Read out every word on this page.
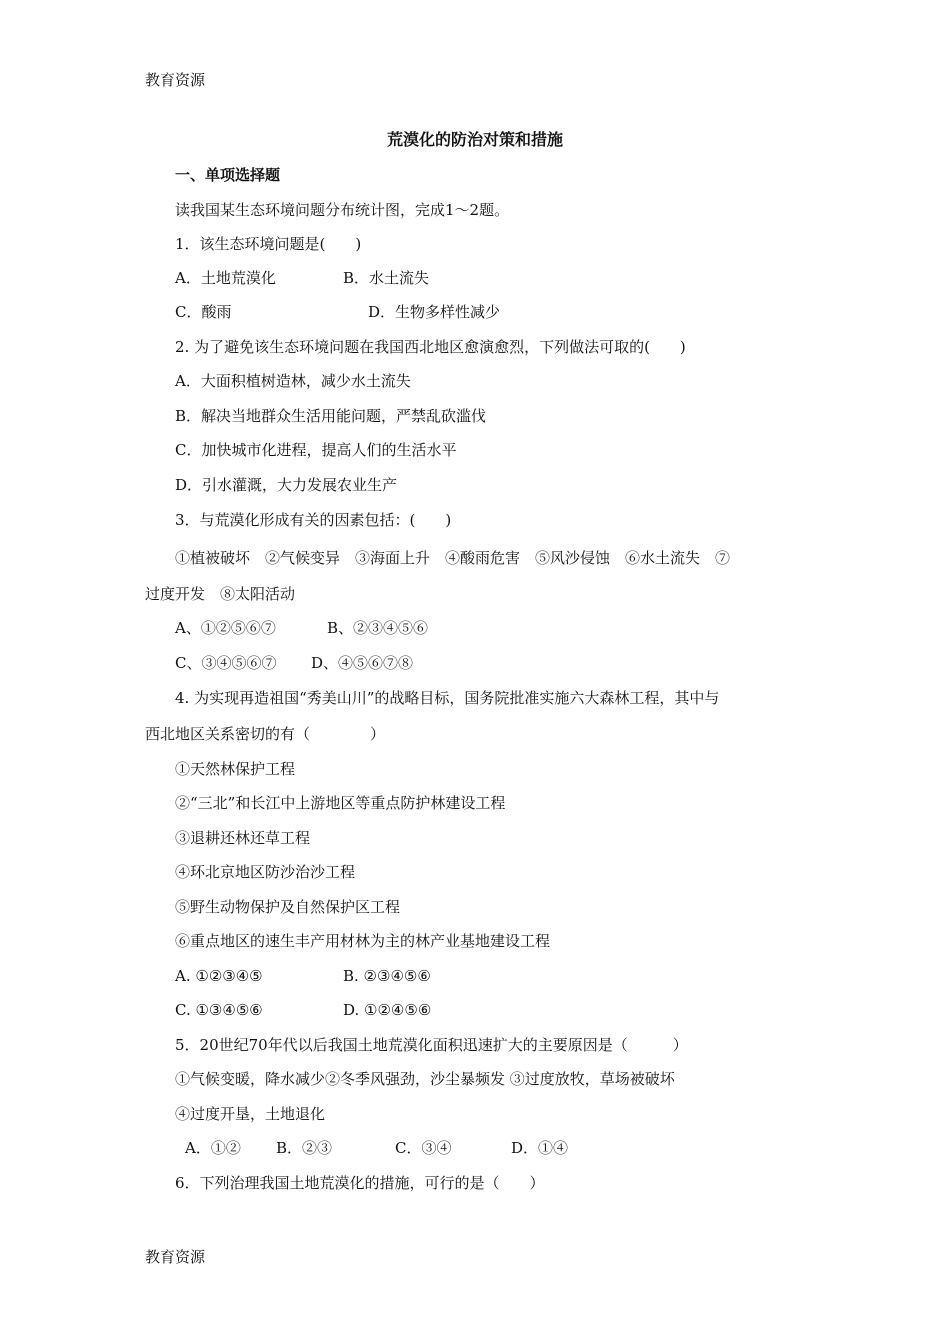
教育资源
荒漠化的防治对策和措施
一、单项选择题
读我国某生态环境问题分布统计图，完成1～2题。
1．该生态环境问题是(　　)
A．土地荒漠化	B．水土流失
C．酸雨	D．生物多样性减少
2. 为了避免该生态环境问题在我国西北地区愈演愈烈，下列做法可取的(　　)
A．大面积植树造林，减少水土流失
B．解决当地群众生活用能问题，严禁乱砍滥伐
C．加快城市化进程，提高人们的生活水平
D．引水灌溉，大力发展农业生产
3．与荒漠化形成有关的因素包括：(　　)
①植被破坏　②气候变异　③海面上升　④酸雨危害　⑤风沙侵蚀　⑥水土流失　⑦
过度开发　⑧太阳活动
A、①②⑤⑥⑦	B、②③④⑤⑥
C、③④⑤⑥⑦ D、④⑤⑥⑦⑧
4. 为实现再造祖国“秀美山川”的战略目标，国务院批准实施六大森林工程，其中与
西北地区关系密切的有（　　　　）
①天然林保护工程
②“三北”和长江中上游地区等重点防护林建设工程
③退耕还林还草工程
④环北京地区防沙治沙工程
⑤野生动物保护及自然保护区工程
⑥重点地区的速生丰产用材林为主的林产业基地建设工程
A. ①②③④⑤	B. ②③④⑤⑥
C. ①③④⑤⑥	D. ①②④⑤⑥
5．20世纪70年代以后我国土地荒漠化面积迅速扩大的主要原因是（　　　）
①气候变暖，降水减少②冬季风强劲，沙尘暴频发 ③过度放牧，草场被破坏
④过度开垦，土地退化
A．①② B．②③	C．③④	D．①④
6．下列治理我国土地荒漠化的措施，可行的是（　　）
教育资源
